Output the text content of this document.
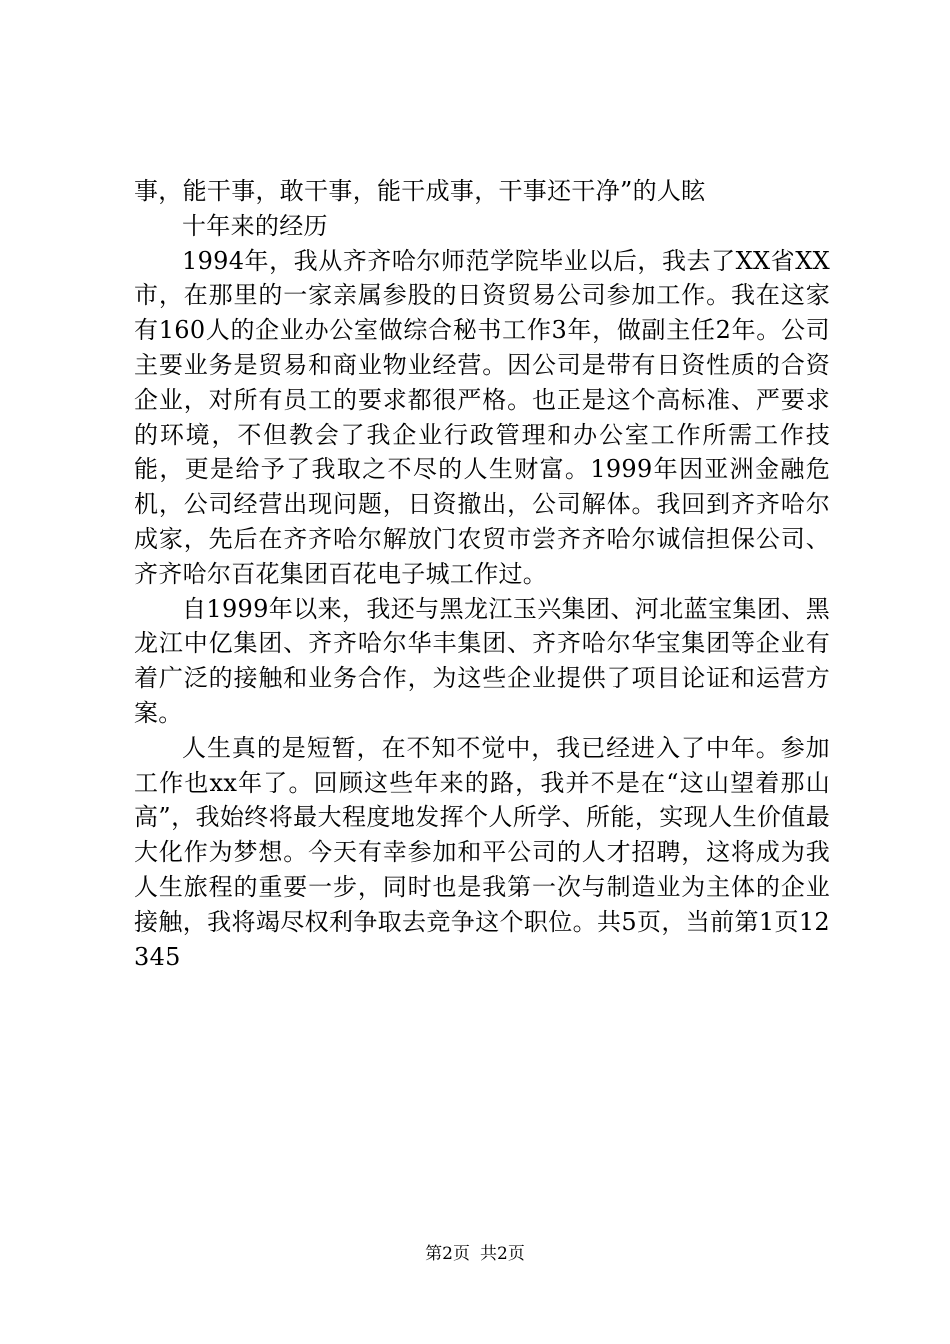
事，能干事，敢干事，能干成事，干事还干净”的人眩

十年来的经历

1994年，我从齐齐哈尔师范学院毕业以后，我去了XX省XX市，在那里的一家亲属参股的日资贸易公司参加工作。我在这家有160人的企业办公室做综合秘书工作3年，做副主任2年。公司主要业务是贸易和商业物业经营。因公司是带有日资性质的合资企业，对所有员工的要求都很严格。也正是这个高标准、严要求的环境，不但教会了我企业行政管理和办公室工作所需工作技能，更是给予了我取之不尽的人生财富。1999年因亚洲金融危机，公司经营出现问题，日资撤出，公司解体。我回到齐齐哈尔成家，先后在齐齐哈尔解放门农贸市尝齐齐哈尔诚信担保公司、齐齐哈尔百花集团百花电子城工作过。

自1999年以来，我还与黑龙江玉兴集团、河北蓝宝集团、黑龙江中亿集团、齐齐哈尔华丰集团、齐齐哈尔华宝集团等企业有着广泛的接触和业务合作，为这些企业提供了项目论证和运营方案。

人生真的是短暂，在不知不觉中，我已经进入了中年。参加工作也xx年了。回顾这些年来的路，我并不是在“这山望着那山高”，我始终将最大程度地发挥个人所学、所能，实现人生价值最大化作为梦想。今天有幸参加和平公司的人才招聘，这将成为我人生旅程的重要一步，同时也是我第一次与制造业为主体的企业接触，我将竭尽权利争取去竞争这个职位。共5页，当前第1页12345

第2页 共2页
